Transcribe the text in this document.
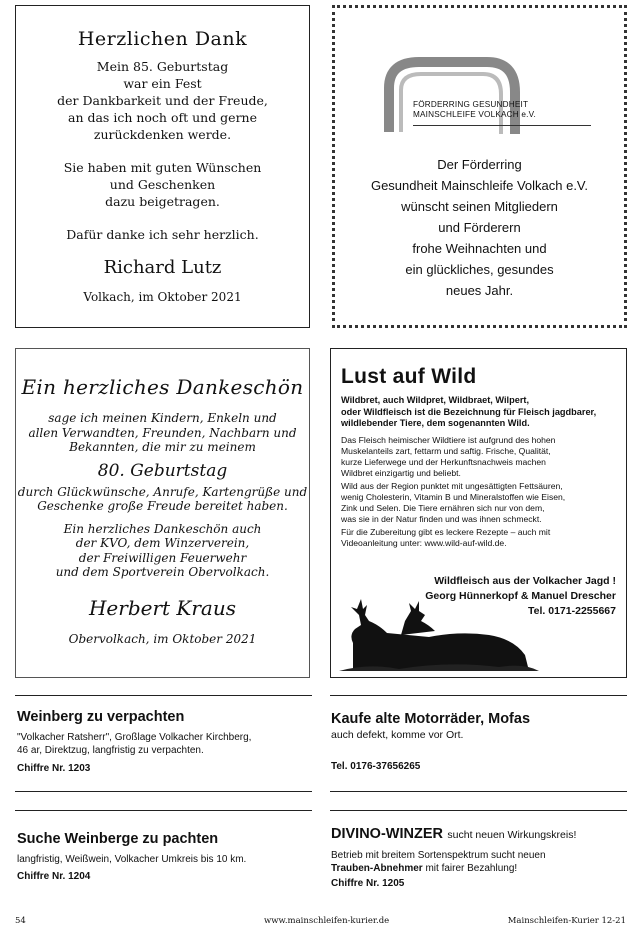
Herzlichen Dank
Mein 85. Geburtstag
war ein Fest
der Dankbarkeit und der Freude,
an das ich noch oft und gerne
zurückdenken werde.
Sie haben mit guten Wünschen
und Geschenken
dazu beigetragen.
Dafür danke ich sehr herzlich.
Richard Lutz
Volkach, im Oktober 2021
FÖRDERRING GESUNDHEIT
MAINSCHLEIFE VOLKACH e.V.
Der Förderring
Gesundheit Mainschleife Volkach e.V.
wünscht seinen Mitgliedern
und Förderern
frohe Weihnachten und
ein glückliches, gesundes
neues Jahr.
Ein herzliches Dankeschön
sage ich meinen Kindern, Enkeln und
allen Verwandten, Freunden, Nachbarn und
Bekannten, die mir zu meinem
80. Geburtstag
durch Glückwünsche, Anrufe, Kartengrüße und
Geschenke große Freude bereitet haben.
Ein herzliches Dankeschön auch
der KVO, dem Winzerverein,
der Freiwilligen Feuerwehr
und dem Sportverein Obervolkach.
Herbert Kraus
Obervolkach, im Oktober 2021
Lust auf Wild
Wildbret, auch Wildpret, Wildbraet, Wilpert,
oder Wildfleisch ist die Bezeichnung für Fleisch jagdbarer,
wildlebender Tiere, dem sogenannten Wild.
Das Fleisch heimischer Wildtiere ist aufgrund des hohen
Muskelanteils zart, fettarm und saftig. Frische, Qualität,
kurze Lieferwege und der Herkunftsnachweis machen
Wildbret einzigartig und beliebt.
Wild aus der Region punktet mit ungesättigten Fettsäuren,
wenig Cholesterin, Vitamin B und Mineralstoffen wie Eisen,
Zink und Selen. Die Tiere ernähren sich nur von dem,
was sie in der Natur finden und was ihnen schmeckt.
Für die Zubereitung gibt es leckere Rezepte – auch mit
Videoanleitung unter: www.wild-auf-wild.de.
Wildfleisch aus der Volkacher Jagd !
Georg Hünnerkopf & Manuel Drescher
Tel. 0171-2255667
Weinberg zu verpachten
"Volkacher Ratsherr", Großlage Volkacher Kirchberg,
46 ar, Direktzug, langfristig zu verpachten.
Chiffre Nr. 1203
Kaufe alte Motorräder, Mofas
auch defekt, komme vor Ort.
Tel. 0176-37656265
Suche Weinberge zu pachten
langfristig, Weißwein, Volkacher Umkreis bis 10 km.
Chiffre Nr. 1204
DIVINO-WINZER sucht neuen Wirkungskreis!
Betrieb mit breitem Sortenspektrum sucht neuen
Trauben-Abnehmer mit fairer Bezahlung!
Chiffre Nr. 1205
54	www.mainschleifen-kurier.de	Mainschleifen-Kurier 12-21
